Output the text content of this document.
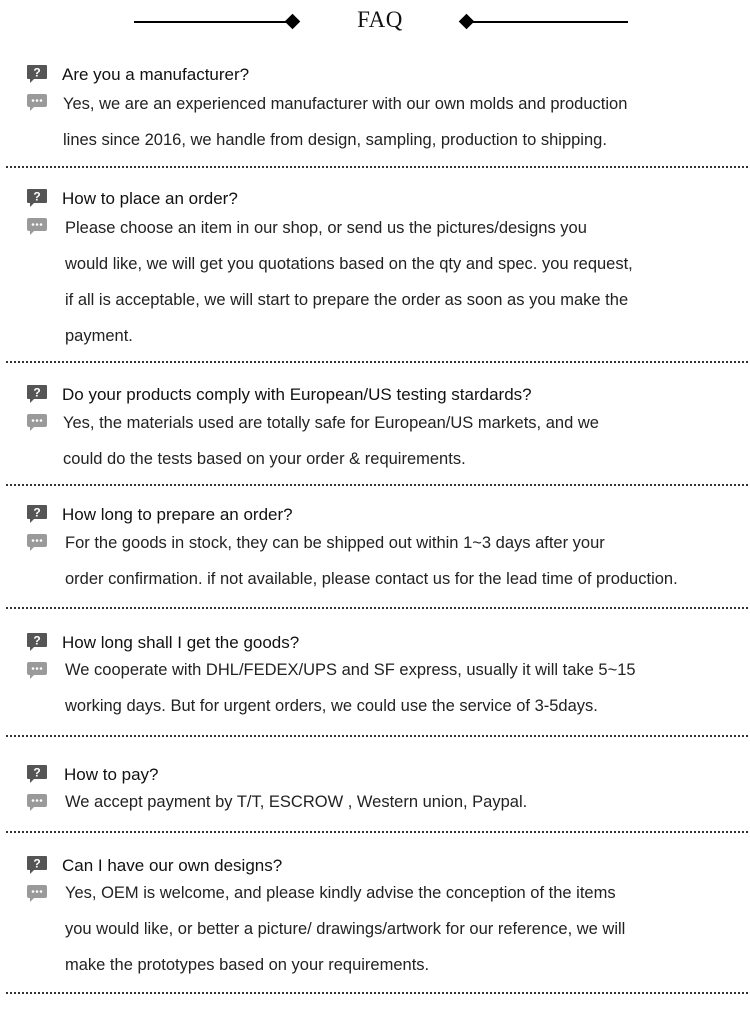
FAQ
? Are you a manufacturer?
Yes, we are an experienced manufacturer with our own molds and production
lines since 2016, we handle from design, sampling, production to shipping.
? How to place an order?
Please choose an item in our shop, or send us the pictures/designs you
would like, we will get you quotations based on the qty and spec. you request,
if all is acceptable, we will start to prepare the order as soon as you make the
payment.
? Do your products comply with European/US testing stardards?
Yes, the materials used are totally safe for European/US markets, and we
could do the tests based on your order & requirements.
? How long to prepare an order?
For the goods in stock, they can be shipped out within 1~3 days after your
order confirmation. if not available, please contact us for the lead time of production.
? How long shall I get the goods?
We cooperate with DHL/FEDEX/UPS and SF express, usually it will take 5~15
working days. But for urgent orders, we could use the service of 3-5days.
? How to pay?
We accept payment by T/T, ESCROW , Western union, Paypal.
? Can I have our own designs?
Yes, OEM is welcome, and please kindly advise the conception of the items
you would like, or better a picture/ drawings/artwork for our reference, we will
make the prototypes based on your requirements.
